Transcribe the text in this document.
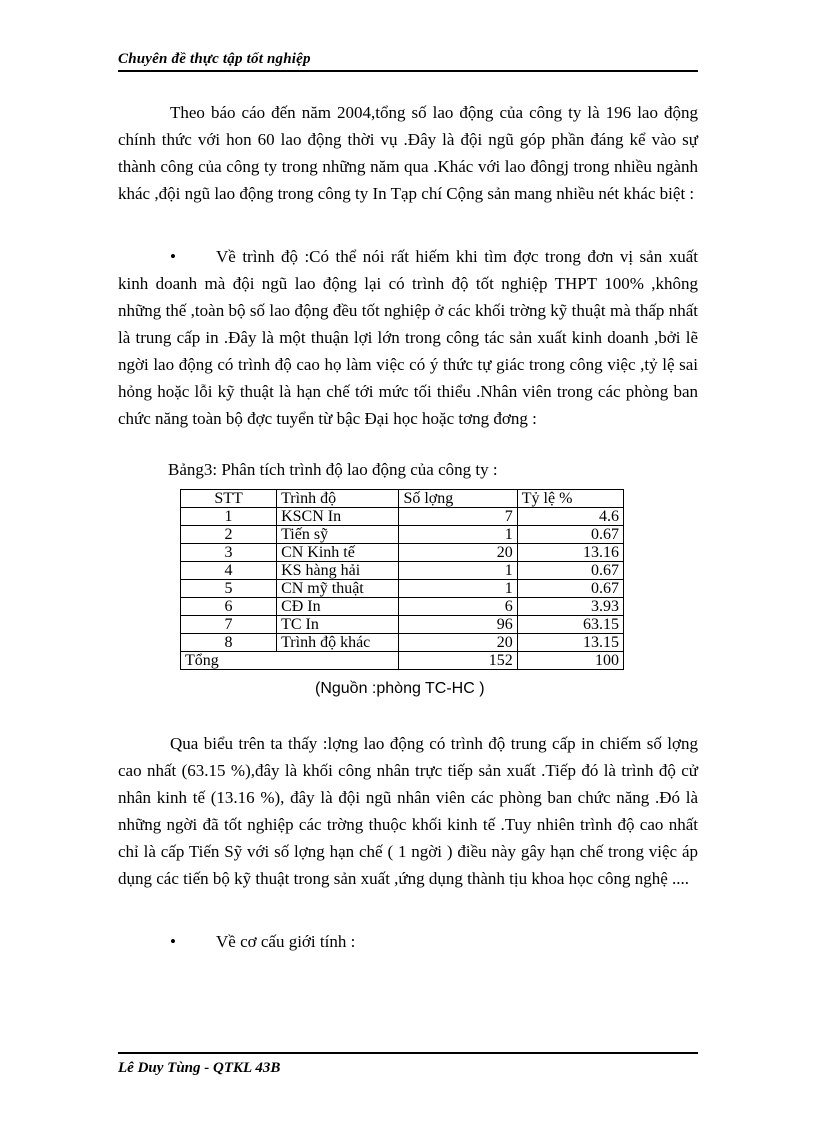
Chuyên đề thực tập tốt nghiệp
Theo báo cáo đến năm 2004,tổng số lao động của công ty là 196 lao động chính thức với hon 60 lao động thời vụ .Đây là đội ngũ góp phần đáng kể vào sự thành công của công ty trong những năm qua .Khác với lao đôngj trong nhiều ngành khác ,đội ngũ lao động trong công ty In Tạp chí Cộng sản mang nhiều nét khác biệt :
•	Về trình độ :Có thể nói rất hiếm khi tìm đợc trong đơn vị sản xuất kinh doanh mà đội ngũ lao động lại có trình độ tốt nghiệp THPT 100% ,không những thế ,toàn bộ số lao động đều tốt nghiệp ở các khối trờng kỹ thuật mà thấp nhất là trung cấp in .Đây là một thuận lợi lớn trong công tác sản xuất kinh doanh ,bởi lẽ ngời lao động có trình độ cao họ làm việc có ý thức tự giác trong công việc ,tỷ lệ sai hỏng hoặc lỗi kỹ thuật là hạn chế tới mức tối thiểu .Nhân viên trong các phòng ban chức năng toàn bộ đợc tuyển từ bậc Đại học hoặc tơng đơng :
Bảng3: Phân tích trình độ lao động của công ty :
STT	Trình độ	Số lợng	Tỷ lệ %
1	KSCN In	7	4.6
2	Tiến sỹ	1	0.67
3	CN Kinh tế	20	13.16
4	KS hàng hải	1	0.67
5	CN mỹ thuật	1	0.67
6	CĐ In	6	3.93
7	TC In	96	63.15
8	Trình độ khác	20	13.15
Tổng		152	100
(Nguồn :phòng TC-HC )
Qua biểu trên ta thấy :lợng lao động có trình độ trung cấp in chiếm số lợng cao nhất (63.15 %),đây là khối công nhân trực tiếp sản xuất .Tiếp đó là trình độ cử nhân kinh tế (13.16 %), đây là đội ngũ nhân viên các phòng ban chức năng .Đó là những ngời đã tốt nghiệp các trờng thuộc khối kinh tế .Tuy nhiên trình độ cao nhất chỉ là cấp Tiến Sỹ với số lợng hạn chế ( 1 ngời ) điều này gây hạn chế trong việc áp dụng các tiến bộ kỹ thuật trong sản xuất ,ứng dụng thành tịu khoa học công nghệ ....
•	Về cơ cấu giới tính :
Lê Duy Tùng - QTKL 43B
